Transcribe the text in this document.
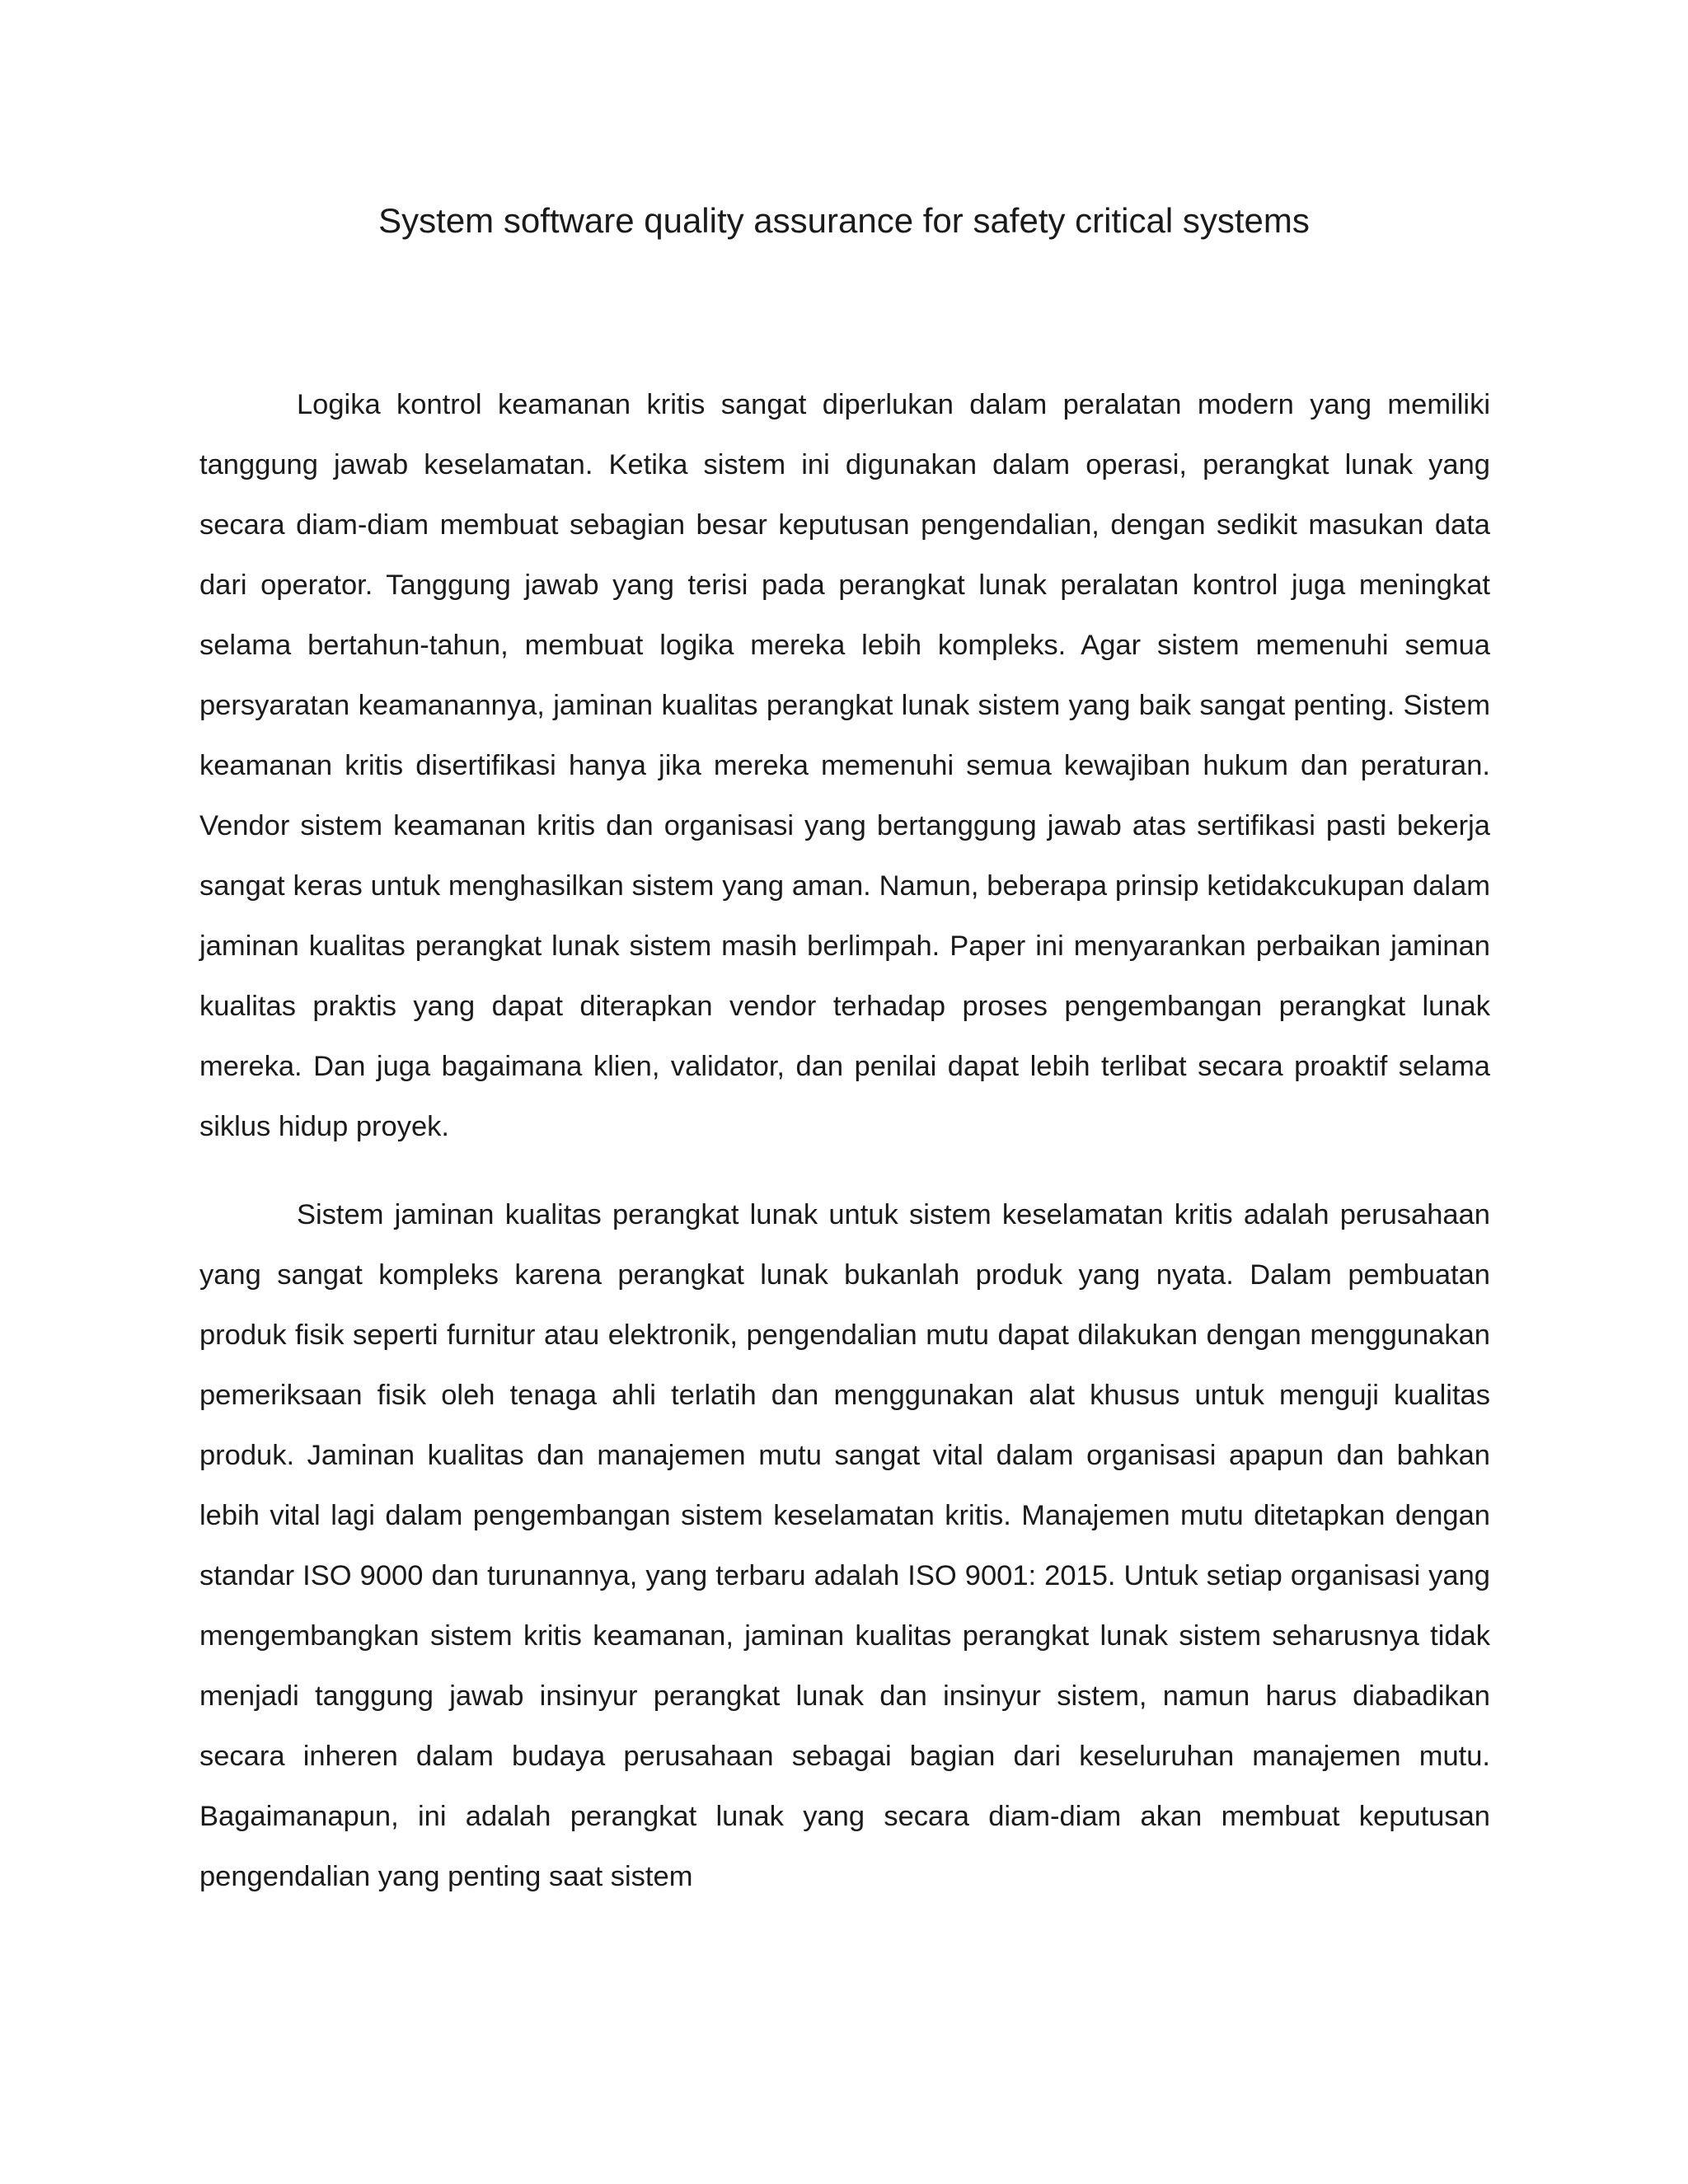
System software quality assurance for safety critical systems

Logika kontrol keamanan kritis sangat diperlukan dalam peralatan modern yang memiliki tanggung jawab keselamatan. Ketika sistem ini digunakan dalam operasi, perangkat lunak yang secara diam-diam membuat sebagian besar keputusan pengendalian, dengan sedikit masukan data dari operator. Tanggung jawab yang terisi pada perangkat lunak peralatan kontrol juga meningkat selama bertahun-tahun, membuat logika mereka lebih kompleks. Agar sistem memenuhi semua persyaratan keamanannya, jaminan kualitas perangkat lunak sistem yang baik sangat penting. Sistem keamanan kritis disertifikasi hanya jika mereka memenuhi semua kewajiban hukum dan peraturan. Vendor sistem keamanan kritis dan organisasi yang bertanggung jawab atas sertifikasi pasti bekerja sangat keras untuk menghasilkan sistem yang aman. Namun, beberapa prinsip ketidakcukupan dalam jaminan kualitas perangkat lunak sistem masih berlimpah. Paper ini menyarankan perbaikan jaminan kualitas praktis yang dapat diterapkan vendor terhadap proses pengembangan perangkat lunak mereka. Dan juga bagaimana klien, validator, dan penilai dapat lebih terlibat secara proaktif selama siklus hidup proyek.

Sistem jaminan kualitas perangkat lunak untuk sistem keselamatan kritis adalah perusahaan yang sangat kompleks karena perangkat lunak bukanlah produk yang nyata. Dalam pembuatan produk fisik seperti furnitur atau elektronik, pengendalian mutu dapat dilakukan dengan menggunakan pemeriksaan fisik oleh tenaga ahli terlatih dan menggunakan alat khusus untuk menguji kualitas produk. Jaminan kualitas dan manajemen mutu sangat vital dalam organisasi apapun dan bahkan lebih vital lagi dalam pengembangan sistem keselamatan kritis. Manajemen mutu ditetapkan dengan standar ISO 9000 dan turunannya, yang terbaru adalah ISO 9001: 2015. Untuk setiap organisasi yang mengembangkan sistem kritis keamanan, jaminan kualitas perangkat lunak sistem seharusnya tidak menjadi tanggung jawab insinyur perangkat lunak dan insinyur sistem, namun harus diabadikan secara inheren dalam budaya perusahaan sebagai bagian dari keseluruhan manajemen mutu. Bagaimanapun, ini adalah perangkat lunak yang secara diam-diam akan membuat keputusan pengendalian yang penting saat sistem
